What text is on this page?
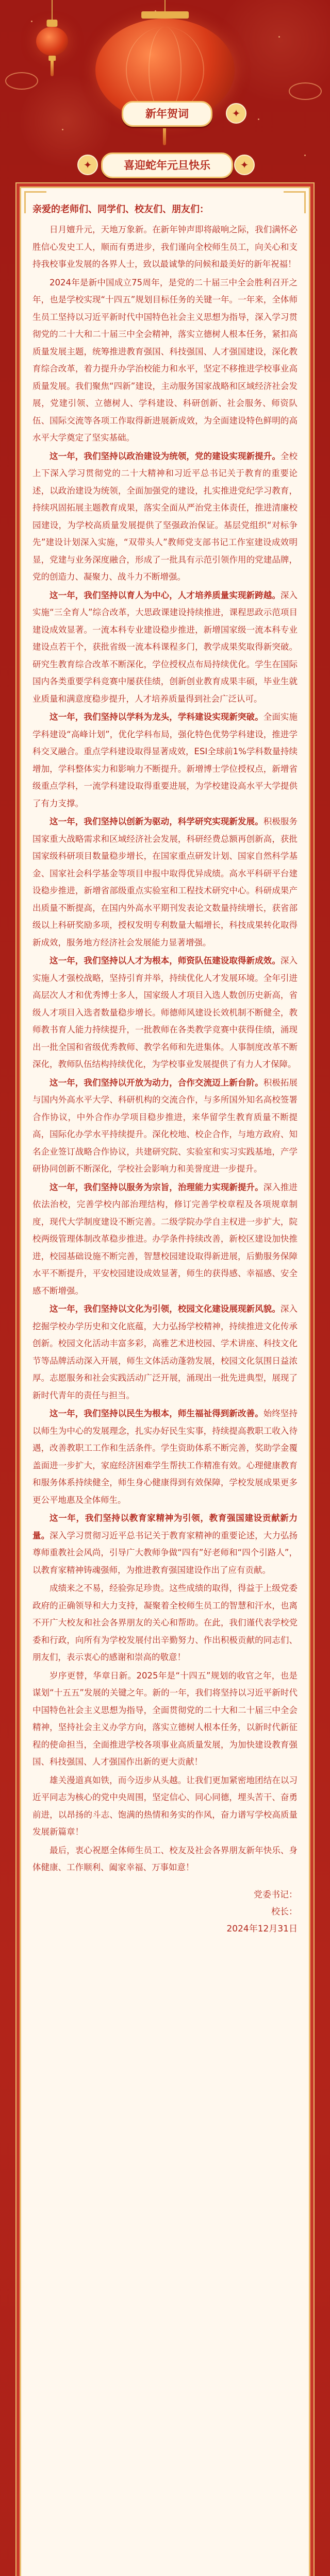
新年贺词	✦
喜迎蛇年元旦快乐
✦	✦

亲爱的老师们、同学们、校友们、朋友们：

日月嬗升元，天地万象新。在新年钟声即将敲响之际，我们满怀必胜信心发史工人，顺而有勇进步，我们谨向全校师生员工，向关心和支持我校事业发展的各界人士，致以最诚挚的问候和最美好的新年祝福！

2024年是新中国成立75周年，是党的二十届三中全会胜利召开之年，也是学校实现“十四五”规划目标任务的关键一年。一年来，全体师生员工坚持以习近平新时代中国特色社会主义思想为指导，深入学习贯彻党的二十大和二十届三中全会精神，落实立德树人根本任务，紧扣高质量发展主题，统筹推进教育强国、科技强国、人才强国建设，深化教育综合改革，着力提升办学治校能力和水平，坚定不移推进学校事业高质量发展。我们聚焦“四新”建设，主动服务国家战略和区域经济社会发展，党建引领、立德树人、学科建设、科研创新、社会服务、师资队伍、国际交流等各项工作取得新进展新成效，为全面建设特色鲜明的高水平大学奠定了坚实基础。

这一年，我们坚持以政治建设为统领，党的建设实现新提升。全校上下深入学习贯彻党的二十大精神和习近平总书记关于教育的重要论述，以政治建设为统领，全面加强党的建设，扎实推进党纪学习教育，持续巩固拓展主题教育成果，落实全面从严治党主体责任，推进清廉校园建设，为学校高质量发展提供了坚强政治保证。基层党组织“对标争先”建设计划深入实施，“双带头人”教师党支部书记工作室建设成效明显，党建与业务深度融合，形成了一批具有示范引领作用的党建品牌，党的创造力、凝聚力、战斗力不断增强。

这一年，我们坚持以育人为中心，人才培养质量实现新跨越。深入实施“三全育人”综合改革，大思政课建设持续推进，课程思政示范项目建设成效显著。一流本科专业建设稳步推进，新增国家级一流本科专业建设点若干个，获批省级一流本科课程多门，教学成果奖取得新突破。研究生教育综合改革不断深化，学位授权点布局持续优化。学生在国际国内各类重要学科竞赛中屡获佳绩，创新创业教育成果丰硕，毕业生就业质量和满意度稳步提升，人才培养质量得到社会广泛认可。

这一年，我们坚持以学科为龙头，学科建设实现新突破。全面实施学科建设“高峰计划”，优化学科布局，强化特色优势学科建设，推进学科交叉融合。重点学科建设取得显著成效，ESI全球前1%学科数量持续增加，学科整体实力和影响力不断提升。新增博士学位授权点，新增省级重点学科，一流学科建设取得重要进展，为学校建设高水平大学提供了有力支撑。

这一年，我们坚持以创新为驱动，科学研究实现新发展。积极服务国家重大战略需求和区域经济社会发展，科研经费总额再创新高，获批国家级科研项目数量稳步增长，在国家重点研发计划、国家自然科学基金、国家社会科学基金等项目申报中取得优异成绩。高水平科研平台建设稳步推进，新增省部级重点实验室和工程技术研究中心。科研成果产出质量不断提高，在国内外高水平期刊发表论文数量持续增长，获省部级以上科研奖励多项，授权发明专利数量大幅增长，科技成果转化取得新成效，服务地方经济社会发展能力显著增强。

这一年，我们坚持以人才为根本，师资队伍建设取得新成效。深入实施人才强校战略，坚持引育并举，持续优化人才发展环境。全年引进高层次人才和优秀博士多人，国家级人才项目入选人数创历史新高，省级人才项目入选者数量稳步增长。师德师风建设长效机制不断健全，教师教书育人能力持续提升，一批教师在各类教学竞赛中获得佳绩，涌现出一批全国和省级优秀教师、教学名师和先进集体。人事制度改革不断深化，教师队伍结构持续优化，为学校事业发展提供了有力人才保障。

这一年，我们坚持以开放为动力，合作交流迈上新台阶。积极拓展与国内外高水平大学、科研机构的交流合作，与多所国外知名高校签署合作协议，中外合作办学项目稳步推进，来华留学生教育质量不断提高，国际化办学水平持续提升。深化校地、校企合作，与地方政府、知名企业签订战略合作协议，共建研究院、实验室和实习实践基地，产学研协同创新不断深化，学校社会影响力和美誉度进一步提升。

这一年，我们坚持以服务为宗旨，治理能力实现新提升。深入推进依法治校，完善学校内部治理结构，修订完善学校章程及各项规章制度，现代大学制度建设不断完善。二级学院办学自主权进一步扩大，院校两级管理体制改革稳步推进。办学条件持续改善，新校区建设加快推进，校园基础设施不断完善，智慧校园建设取得新进展，后勤服务保障水平不断提升，平安校园建设成效显著，师生的获得感、幸福感、安全感不断增强。

这一年，我们坚持以文化为引领，校园文化建设展现新风貌。深入挖掘学校办学历史和文化底蕴，大力弘扬学校精神，持续推进文化传承创新。校园文化活动丰富多彩，高雅艺术进校园、学术讲座、科技文化节等品牌活动深入开展，师生文体活动蓬勃发展，校园文化氛围日益浓厚。志愿服务和社会实践活动广泛开展，涌现出一批先进典型，展现了新时代青年的责任与担当。

这一年，我们坚持以民生为根本，师生福祉得到新改善。始终坚持以师生为中心的发展理念，扎实办好民生实事，持续提高教职工收入待遇，改善教职工工作和生活条件。学生资助体系不断完善，奖助学金覆盖面进一步扩大，家庭经济困难学生帮扶工作精准有效。心理健康教育和服务体系持续健全，师生身心健康得到有效保障，学校发展成果更多更公平地惠及全体师生。

这一年，我们坚持以教育家精神为引领，教育强国建设贡献新力量。深入学习贯彻习近平总书记关于教育家精神的重要论述，大力弘扬尊师重教社会风尚，引导广大教师争做“四有”好老师和“四个引路人”，以教育家精神铸魂强师，为推进教育强国建设作出了应有贡献。

成绩来之不易，经验弥足珍贵。这些成绩的取得，得益于上级党委政府的正确领导和大力支持，凝聚着全校师生员工的智慧和汗水，也离不开广大校友和社会各界朋友的关心和帮助。在此，我们谨代表学校党委和行政，向所有为学校发展付出辛勤努力、作出积极贡献的同志们、朋友们，表示衷心的感谢和崇高的敬意！

岁序更替，华章日新。2025年是“十四五”规划的收官之年，也是谋划“十五五”发展的关键之年。新的一年，我们将坚持以习近平新时代中国特色社会主义思想为指导，全面贯彻党的二十大和二十届三中全会精神，坚持社会主义办学方向，落实立德树人根本任务，以新时代新征程的使命担当，全面推进学校各项事业高质量发展，为加快建设教育强国、科技强国、人才强国作出新的更大贡献！

雄关漫道真如铁，而今迈步从头越。让我们更加紧密地团结在以习近平同志为核心的党中央周围，坚定信心、同心同德，埋头苦干、奋勇前进，以昂扬的斗志、饱满的热情和务实的作风，奋力谱写学校高质量发展新篇章！

最后，衷心祝愿全体师生员工、校友及社会各界朋友新年快乐、身体健康、工作顺利、阖家幸福、万事如意！

党委书记：
校长：
2024年12月31日
